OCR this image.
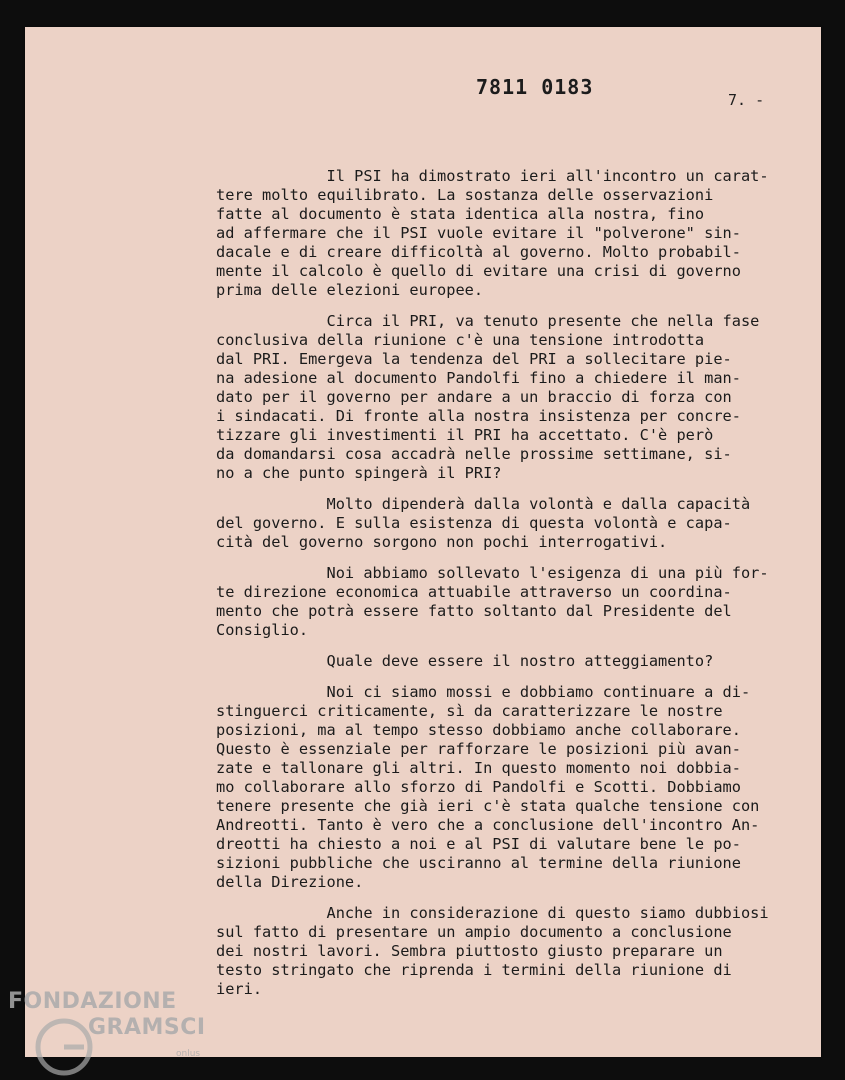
7811 0183
7. -
Il PSI ha dimostrato ieri all'incontro un carat-
tere molto equilibrato. La sostanza delle osservazioni
fatte al documento è stata identica alla nostra, fino
ad affermare che il PSI vuole evitare il "polverone" sin-
dacale e di creare difficoltà al governo. Molto probabil-
mente il calcolo è quello di evitare una crisi di governo
prima delle elezioni europee.
Circa il PRI, va tenuto presente che nella fase
conclusiva della riunione c'è una tensione introdotta
dal PRI. Emergeva la tendenza del PRI a sollecitare pie-
na adesione al documento Pandolfi fino a chiedere il man-
dato per il governo per andare a un braccio di forza con
i sindacati. Di fronte alla nostra insistenza per concre-
tizzare gli investimenti il PRI ha accettato. C'è però
da domandarsi cosa accadrà nelle prossime settimane, si-
no a che punto spingerà il PRI?
Molto dipenderà dalla volontà e dalla capacità
del governo. E sulla esistenza di questa volontà e capa-
cità del governo sorgono non pochi interrogativi.
Noi abbiamo sollevato l'esigenza di una più for-
te direzione economica attuabile attraverso un coordina-
mento che potrà essere fatto soltanto dal Presidente del
Consiglio.
Quale deve essere il nostro atteggiamento?
Noi ci siamo mossi e dobbiamo continuare a di-
stinguerci criticamente, sì da caratterizzare le nostre
posizioni, ma al tempo stesso dobbiamo anche collaborare.
Questo è essenziale per rafforzare le posizioni più avan-
zate e tallonare gli altri. In questo momento noi dobbia-
mo collaborare allo sforzo di Pandolfi e Scotti. Dobbiamo
tenere presente che già ieri c'è stata qualche tensione con
Andreotti. Tanto è vero che a conclusione dell'incontro An-
dreotti ha chiesto a noi e al PSI di valutare bene le po-
sizioni pubbliche che usciranno al termine della riunione
della Direzione.
Anche in considerazione di questo siamo dubbiosi
sul fatto di presentare un ampio documento a conclusione
dei nostri lavori. Sembra piuttosto giusto preparare un
testo stringato che riprenda i termini della riunione di
ieri.
FONDAZIONE
GRAMSCI
onlus
